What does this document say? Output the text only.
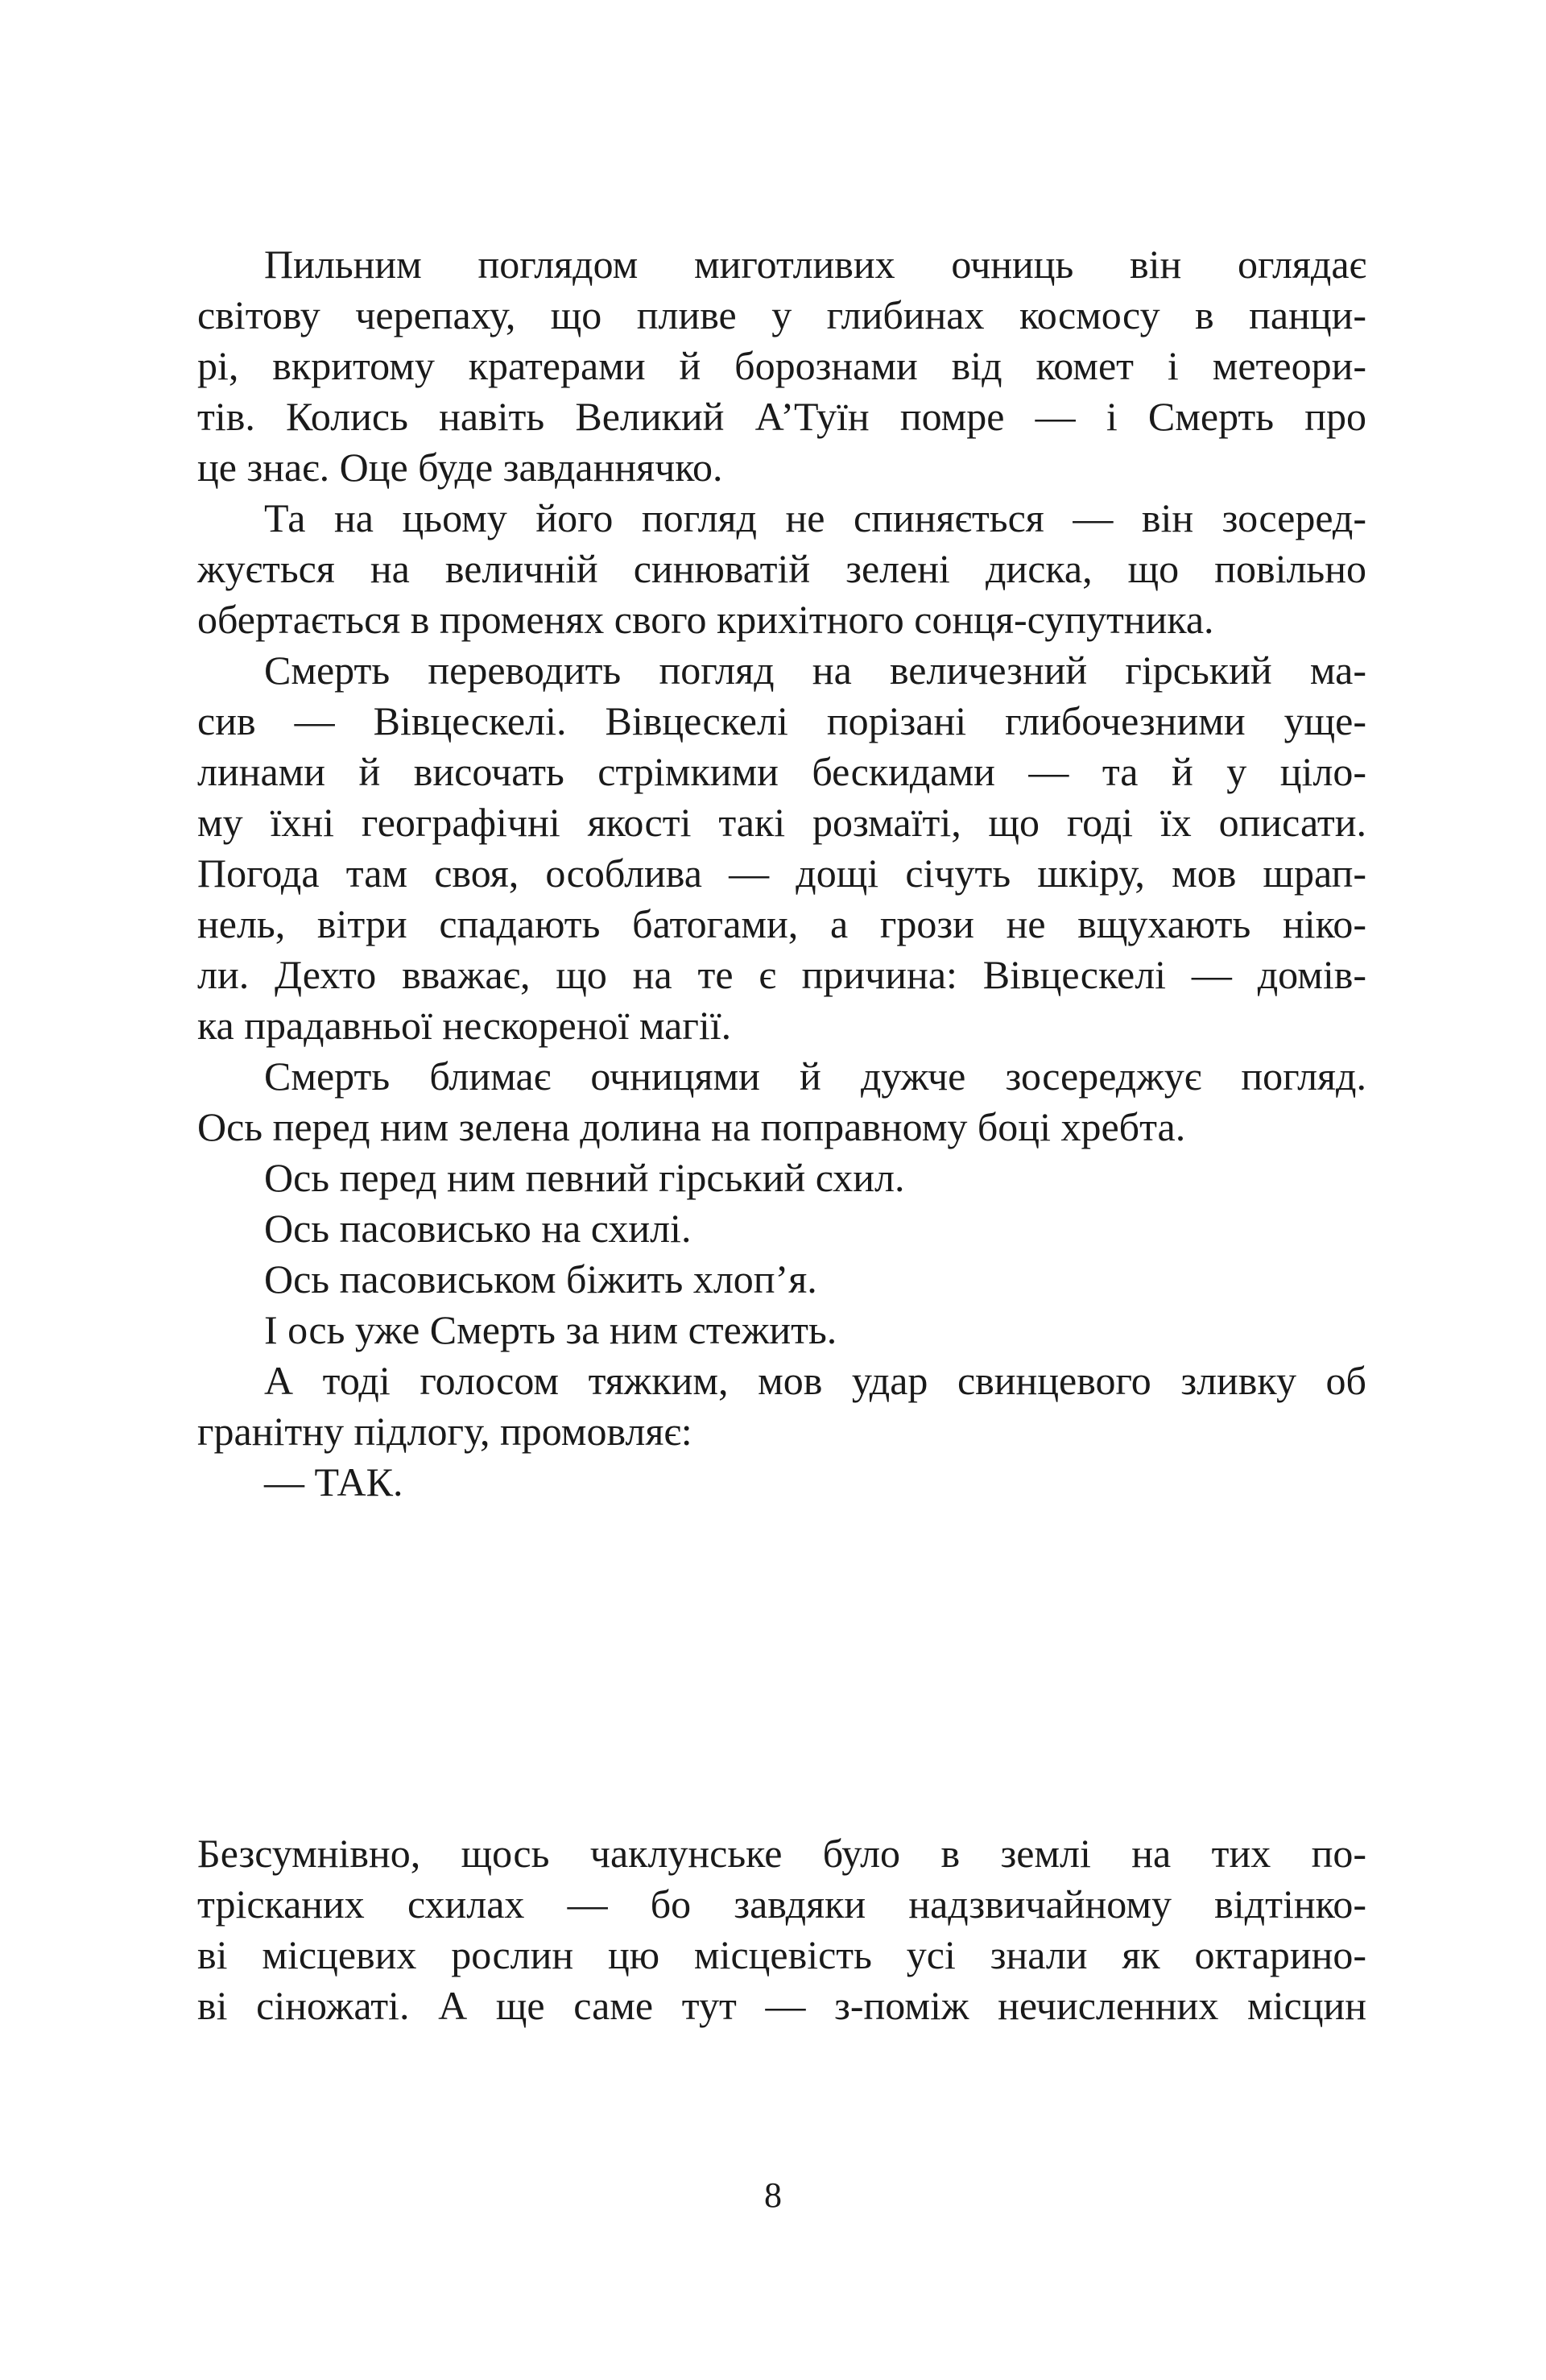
Пильним поглядом миготливих очниць він оглядає
світову черепаху, що пливе у глибинах космосу в панци-
рі, вкритому кратерами й борознами від комет і метеори-
тів. Колись навіть Великий А’Туїн помре — і Смерть про
це знає. Оце буде завданнячко.
Та на цьому його погляд не спиняється — він зосеред-
жується на величній синюватій зелені диска, що повільно
обертається в променях свого крихітного сонця-супутника.
Смерть переводить погляд на величезний гірський ма-
сив — Вівцескелі. Вівцескелі порізані глибочезними уще-
линами й височать стрімкими бескидами — та й у ціло-
му їхні географічні якості такі розмаїті, що годі їх описати.
Погода там своя, особлива — дощі січуть шкіру, мов шрап-
нель, вітри спадають батогами, а грози не вщухають ніко-
ли. Дехто вважає, що на те є причина: Вівцескелі — домів-
ка прадавньої нескореної магії.
Смерть блимає очницями й дужче зосереджує погляд.
Ось перед ним зелена долина на поправному боці хребта.
Ось перед ним певний гірський схил.
Ось пасовисько на схилі.
Ось пасовиськом біжить хлоп’я.
І ось уже Смерть за ним стежить.
А тоді голосом тяжким, мов удар свинцевого зливку об
гранітну підлогу, промовляє:
— ТАК.
Безсумнівно, щось чаклунське було в землі на тих по-
трісканих схилах — бо завдяки надзвичайному відтінко-
ві місцевих рослин цю місцевість усі знали як октарино-
ві сіножаті. А ще саме тут — з-поміж нечисленних місцин
8
